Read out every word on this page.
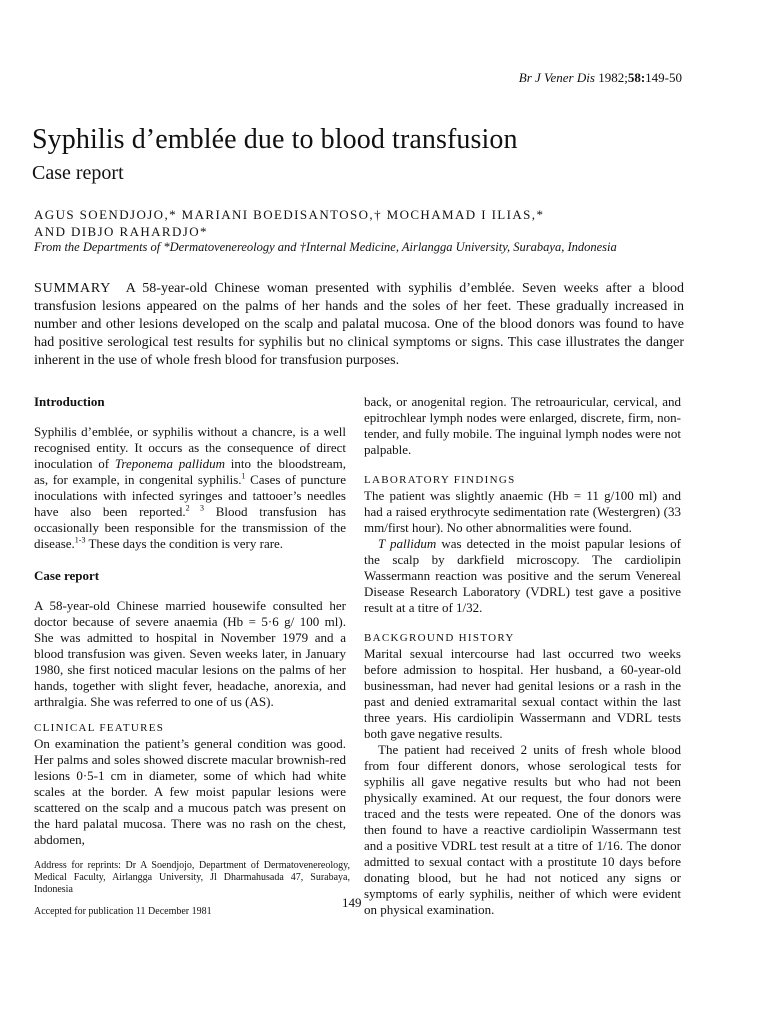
Br J Vener Dis 1982;58:149-50
Syphilis d’emblée due to blood transfusion
Case report
AGUS SOENDJOJO,* MARIANI BOEDISANTOSO,† MOCHAMAD I ILIAS,*
AND DIBJO RAHARDJO*
From the Departments of *Dermatovenereology and †Internal Medicine, Airlangga University, Surabaya, Indonesia
SUMMARY A 58-year-old Chinese woman presented with syphilis d’emblée. Seven weeks after a blood transfusion lesions appeared on the palms of her hands and the soles of her feet. These gradually increased in number and other lesions developed on the scalp and palatal mucosa. One of the blood donors was found to have had positive serological test results for syphilis but no clinical symptoms or signs. This case illustrates the danger inherent in the use of whole fresh blood for transfusion purposes.
Introduction

Syphilis d’emblée, or syphilis without a chancre, is a well recognised entity. It occurs as the consequence of direct inoculation of Treponema pallidum into the bloodstream, as, for example, in congenital syphilis.$^1$ Cases of puncture inoculations with infected syringes and tattooer’s needles have also been reported.$^{2 3}$ Blood transfusion has occasionally been responsible for the transmission of the disease.$^{1-3}$ These days the condition is very rare.

Case report

A 58-year-old Chinese married housewife consulted her doctor because of severe anaemia (Hb = 5·6 g/ 100 ml). She was admitted to hospital in November 1979 and a blood transfusion was given. Seven weeks later, in January 1980, she first noticed macular lesions on the palms of her hands, together with slight fever, headache, anorexia, and arthralgia. She was referred to one of us (AS).

CLINICAL FEATURES

On examination the patient’s general condition was good. Her palms and soles showed discrete macular brownish-red lesions 0·5-1 cm in diameter, some of which had white scales at the border. A few moist papular lesions were scattered on the scalp and a mucous patch was present on the hard palatal mucosa. There was no rash on the chest, abdomen,

back, or anogenital region. The retroauricular, cervical, and epitrochlear lymph nodes were enlarged, discrete, firm, non-tender, and fully mobile. The inguinal lymph nodes were not palpable.

LABORATORY FINDINGS

The patient was slightly anaemic (Hb = 11 g/100 ml) and had a raised erythrocyte sedimentation rate (Westergren) (33 mm/first hour). No other abnormalities were found.

T pallidum was detected in the moist papular lesions of the scalp by darkfield microscopy. The cardiolipin Wassermann reaction was positive and the serum Venereal Disease Research Laboratory (VDRL) test gave a positive result at a titre of 1/32.

BACKGROUND HISTORY

Marital sexual intercourse had last occurred two weeks before admission to hospital. Her husband, a 60-year-old businessman, had never had genital lesions or a rash in the past and denied extramarital sexual contact within the last three years. His cardiolipin Wassermann and VDRL tests both gave negative results.

The patient had received 2 units of fresh whole blood from four different donors, whose serological tests for syphilis all gave negative results but who had not been physically examined. At our request, the four donors were traced and the tests were repeated. One of the donors was then found to have a reactive cardiolipin Wassermann test and a positive VDRL test result at a titre of 1/16. The donor admitted to sexual contact with a prostitute 10 days before donating blood, but he had not noticed any signs or symptoms of early syphilis, neither of which were evident on physical examination.

Address for reprints: Dr A Soendjojo, Department of Dermatovenereology, Medical Faculty, Airlangga University, Jl Dharmahusada 47, Surabaya, Indonesia
Accepted for publication 11 December 1981
149
